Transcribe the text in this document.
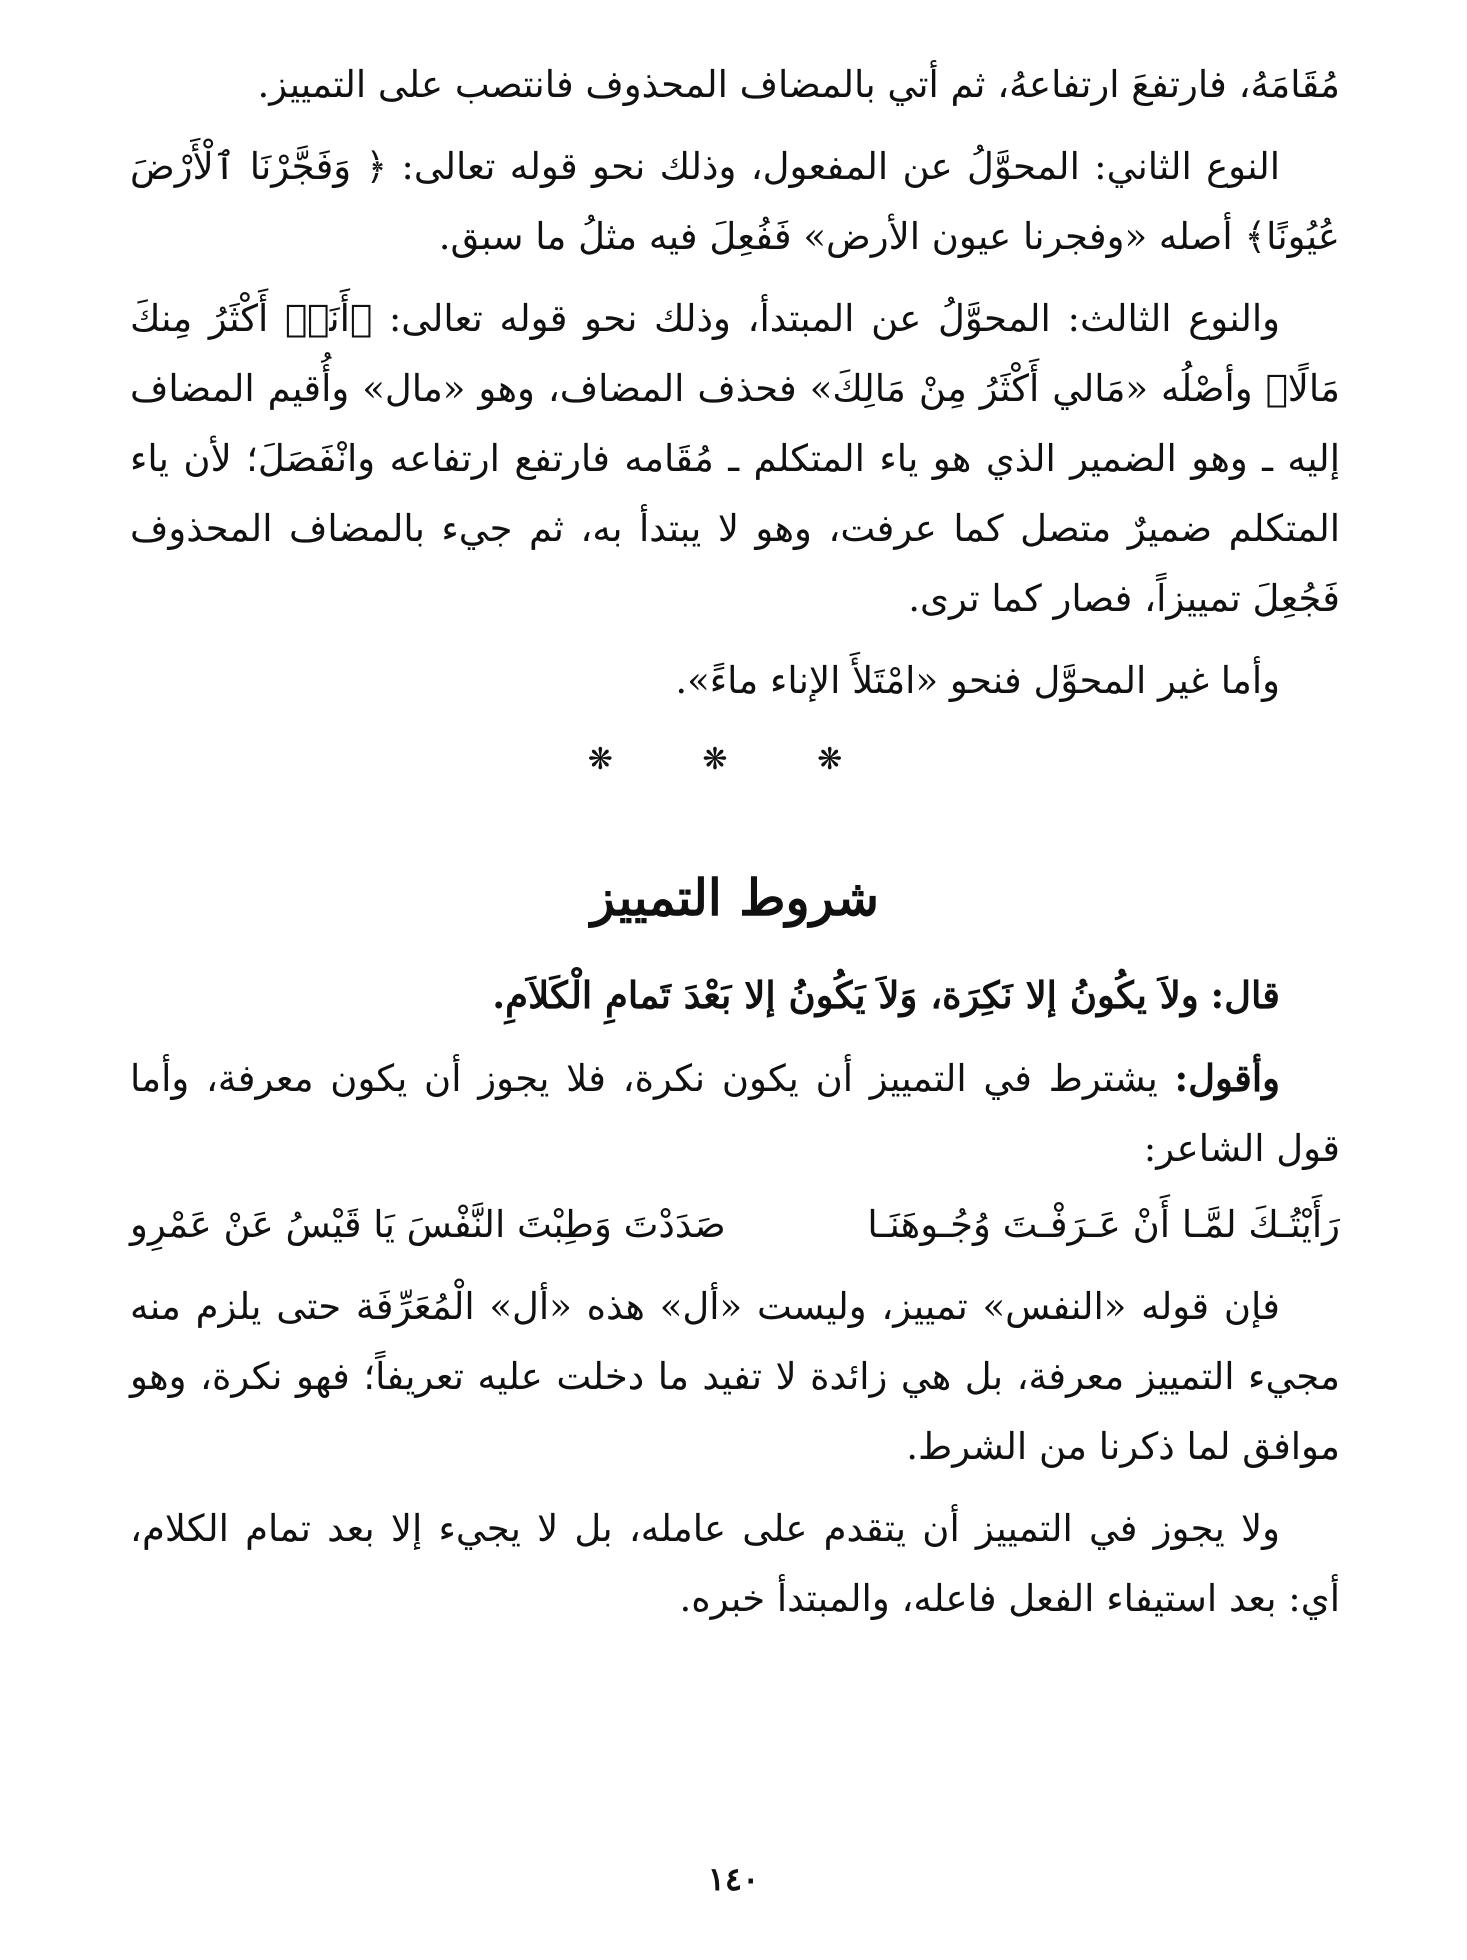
مُقَامَهُ، فارتفعَ ارتفاعهُ، ثم أتي بالمضاف المحذوف فانتصب على التمييز.

النوع الثاني: المحوَّلُ عن المفعول، وذلك نحو قوله تعالى: ﴿ وَفَجَّرْنَا ٱلْأَرْضَ عُيُونًا﴾ أصله «وفجرنا عيون الأرض» فَفُعِلَ فيه مثلُ ما سبق.

والنوع الثالث: المحوَّلُ عن المبتدأ، وذلك نحو قوله تعالى: ﴿أَنَا۠ أَكْثَرُ مِنكَ مَالًا﴾ وأصْلُه «مَالي أَكْثَرُ مِنْ مَالِكَ» فحذف المضاف، وهو «مال» وأُقيم المضاف إليه ـ وهو الضمير الذي هو ياء المتكلم ـ مُقَامه فارتفع ارتفاعه وانْفَصَلَ؛ لأن ياء المتكلم ضميرٌ متصل كما عرفت، وهو لا يبتدأ به، ثم جيء بالمضاف المحذوف فَجُعِلَ تمييزاً، فصار كما ترى.

وأما غير المحوَّل فنحو «امْتَلأَ الإناء ماءً».

❋ ❋ ❋
شروط التمييز

قال: ولاَ يكُونُ إلا نَكِرَة، وَلاَ يَكُونُ إلا بَعْدَ تَمامِ الْكَلاَمِ.

وأقول: يشترط في التمييز أن يكون نكرة، فلا يجوز أن يكون معرفة، وأما قول الشاعر:

رَأَيْتُـكَ لمَّـا أَنْ عَـرَفْـتَ وُجُـوهَنَـا
صَدَدْتَ وَطِبْتَ النَّفْسَ يَا قَيْسُ عَنْ عَمْرِو

فإن قوله «النفس» تمييز، وليست «أل» هذه «أل» الْمُعَرِّفَة حتى يلزم منه مجيء التمييز معرفة، بل هي زائدة لا تفيد ما دخلت عليه تعريفاً؛ فهو نكرة، وهو موافق لما ذكرنا من الشرط.

ولا يجوز في التمييز أن يتقدم على عامله، بل لا يجيء إلا بعد تمام الكلام، أي: بعد استيفاء الفعل فاعله، والمبتدأ خبره.

١٤٠
